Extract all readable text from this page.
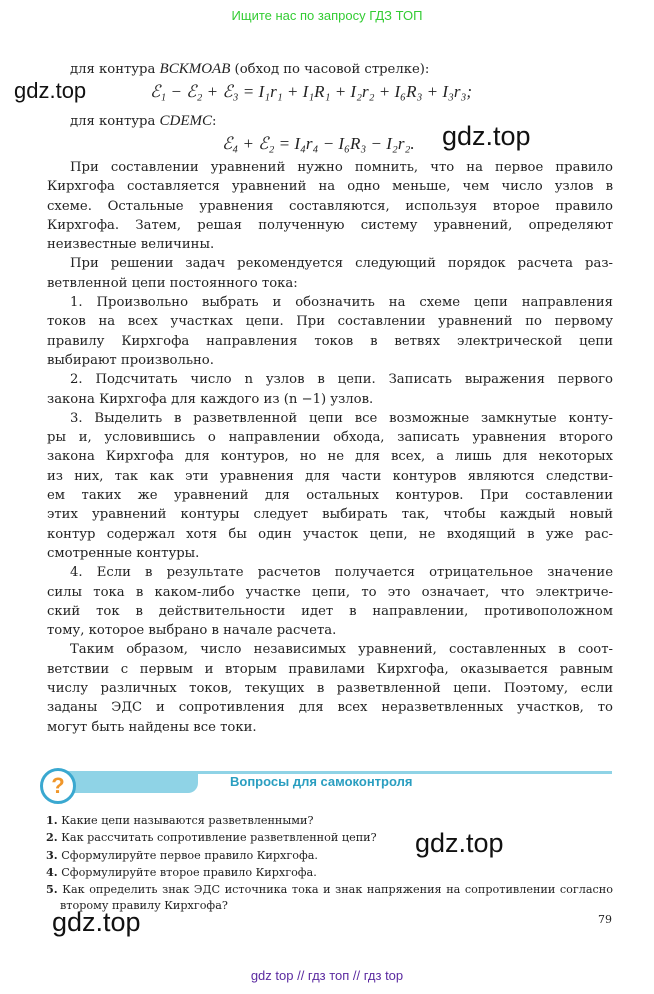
Ищите нас по запросу ГДЗ ТОП
для контура BCKMOAB (обход по часовой стрелке):
ℰ₁ − ℰ₂ + ℰ₃ = I₁r₁ + I₁R₁ + I₂r₂ + I₆R₃ + I₃r₃;
для контура CDEMC:
ℰ₄ + ℰ₂ = I₄r₄ − I₆R₃ − I₂r₂.
gdz.top
gdz.top
gdz.top
gdz.top
При составлении уравнений нужно помнить, что на первое правило
Кирхгофа составляется уравнений на одно меньше, чем число узлов в
схеме. Остальные уравнения составляются, используя второе правило
Кирхгофа. Затем, решая полученную систему уравнений, определяют
неизвестные величины.
При решении задач рекомендуется следующий порядок расчета раз-
ветвленной цепи постоянного тока:
1. Произвольно выбрать и обозначить на схеме цепи направления
токов на всех участках цепи. При составлении уравнений по первому
правилу Кирхгофа направления токов в ветвях электрической цепи
выбирают произвольно.
2. Подсчитать число n узлов в цепи. Записать выражения первого
закона Кирхгофа для каждого из (n −1) узлов.
3. Выделить в разветвленной цепи все возможные замкнутые конту-
ры и, условившись о направлении обхода, записать уравнения второго
закона Кирхгофа для контуров, но не для всех, а лишь для некоторых
из них, так как эти уравнения для части контуров являются следстви-
ем таких же уравнений для остальных контуров. При составлении
этих уравнений контуры следует выбирать так, чтобы каждый новый
контур содержал хотя бы один участок цепи, не входящий в уже рас-
смотренные контуры.
4. Если в результате расчетов получается отрицательное значение
силы тока в каком-либо участке цепи, то это означает, что электриче-
ский ток в действительности идет в направлении, противоположном
тому, которое выбрано в начале расчета.
Таким образом, число независимых уравнений, составленных в соот-
ветствии с первым и вторым правилами Кирхгофа, оказывается равным
числу различных токов, текущих в разветвленной цепи. Поэтому, если
заданы ЭДС и сопротивления для всех неразветвленных участков, то
могут быть найдены все токи.
?	Вопросы для самоконтроля
1. Какие цепи называются разветвленными?
2. Как рассчитать сопротивление разветвленной цепи?
3. Сформулируйте первое правило Кирхгофа.
4. Сформулируйте второе правило Кирхгофа.
5. Как определить знак ЭДС источника тока и знак напряжения на сопротивлении согласно второму правилу Кирхгофа?
79
gdz top // гдз топ // гдз top
